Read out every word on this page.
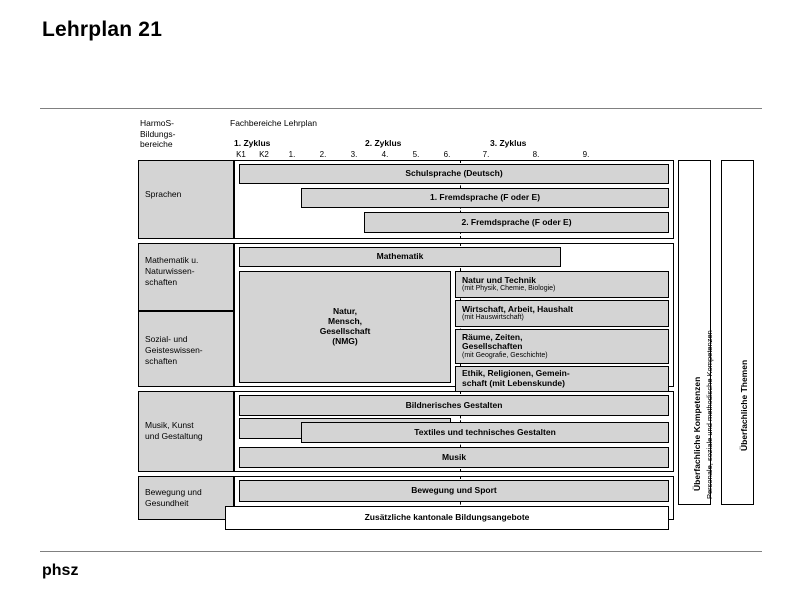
Lehrplan 21
phsz
HarmoS-
Bildungs-
bereiche
Fachbereiche Lehrplan
1. Zyklus	2. Zyklus	3. Zyklus
K1	K2	1.	2.	3.	4.	5.	6.	7.	8.	9.
Sprachen
Mathematik u.
Naturwissen-
schaften
Sozial- und
Geisteswissen-
schaften
Musik, Kunst
und Gestaltung
Bewegung und
Gesundheit
Schulsprache (Deutsch)
1. Fremdsprache (F oder E)
2. Fremdsprache (F oder E)
Mathematik
Natur,
Mensch,
Gesellschaft
(NMG)
Natur und Technik
(mit Physik, Chemie, Biologie)
Wirtschaft, Arbeit, Haushalt
(mit Hauswirtschaft)
Räume, Zeiten,
Gesellschaften
(mit Geografie, Geschichte)
Ethik, Religionen, Gemein-
schaft (mit Lebenskunde)
Bildnerisches Gestalten
Textiles und technisches Gestalten
Musik
Bewegung und Sport
Zusätzliche kantonale Bildungsangebote
Überfachliche Kompetenzen Personale, soziale und methodische Kompetenzen	Überfachliche Themen
